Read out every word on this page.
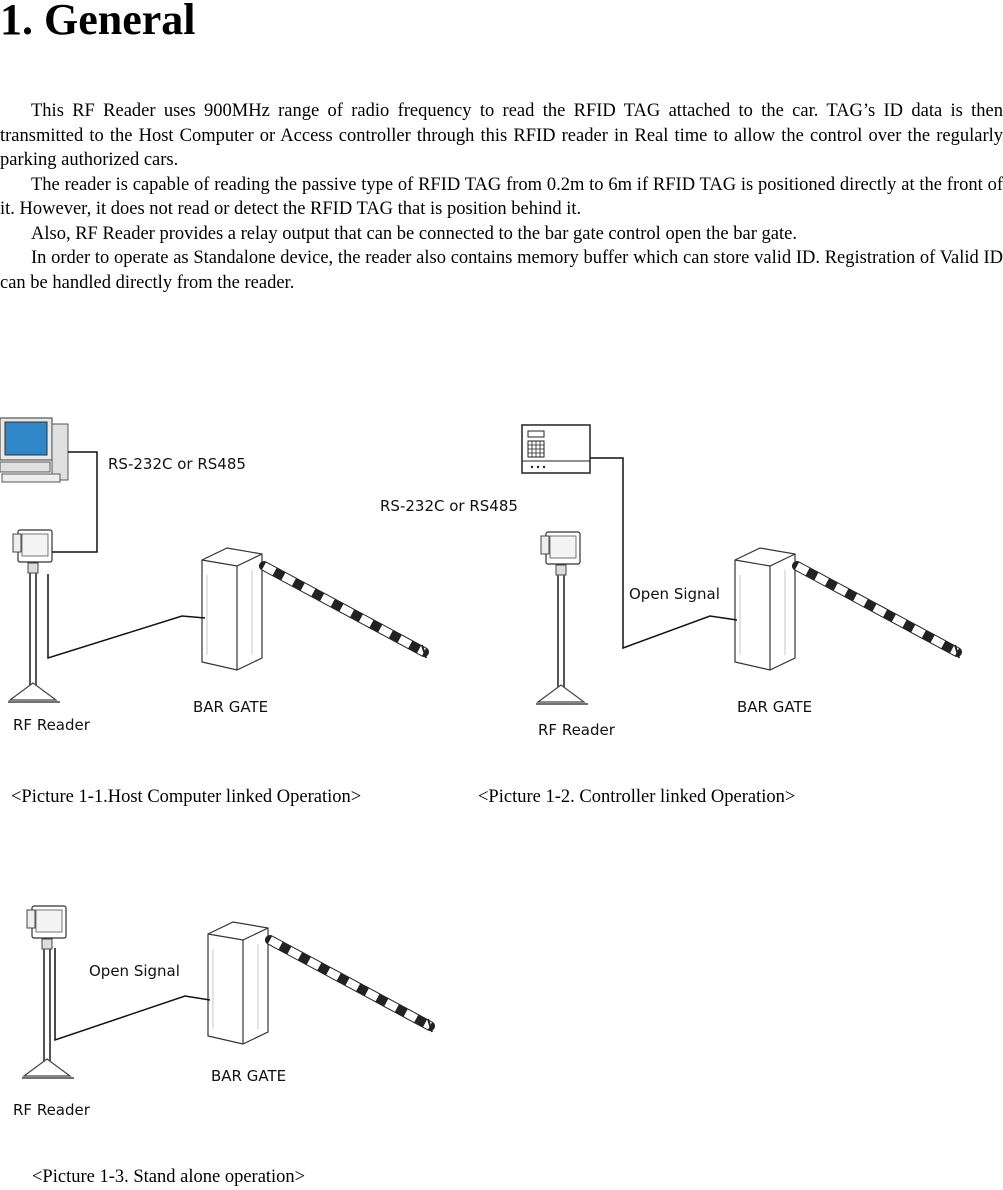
1. General

This RF Reader uses 900MHz range of radio frequency to read the RFID TAG attached to the car. TAG’s ID data is then transmitted to the Host Computer or Access controller through this RFID reader in Real time to allow the control over the regularly parking authorized cars.

The reader is capable of reading the passive type of RFID TAG from 0.2m to 6m if RFID TAG is positioned directly at the front of it. However, it does not read or detect the RFID TAG that is position behind it.

Also, RF Reader provides a relay output that can be connected to the bar gate control open the bar gate.

In order to operate as Standalone device, the reader also contains memory buffer which can store valid ID. Registration of Valid ID can be handled directly from the reader.

RS-232C or RS485
BAR GATE
RF Reader
RS-232C or RS485
Open Signal
BAR GATE
RF Reader
Open Signal
BAR GATE
RF Reader
<Picture 1-1.Host Computer linked Operation>	<Picture 1-2. Controller linked Operation>
<Picture 1-3. Stand alone operation>
